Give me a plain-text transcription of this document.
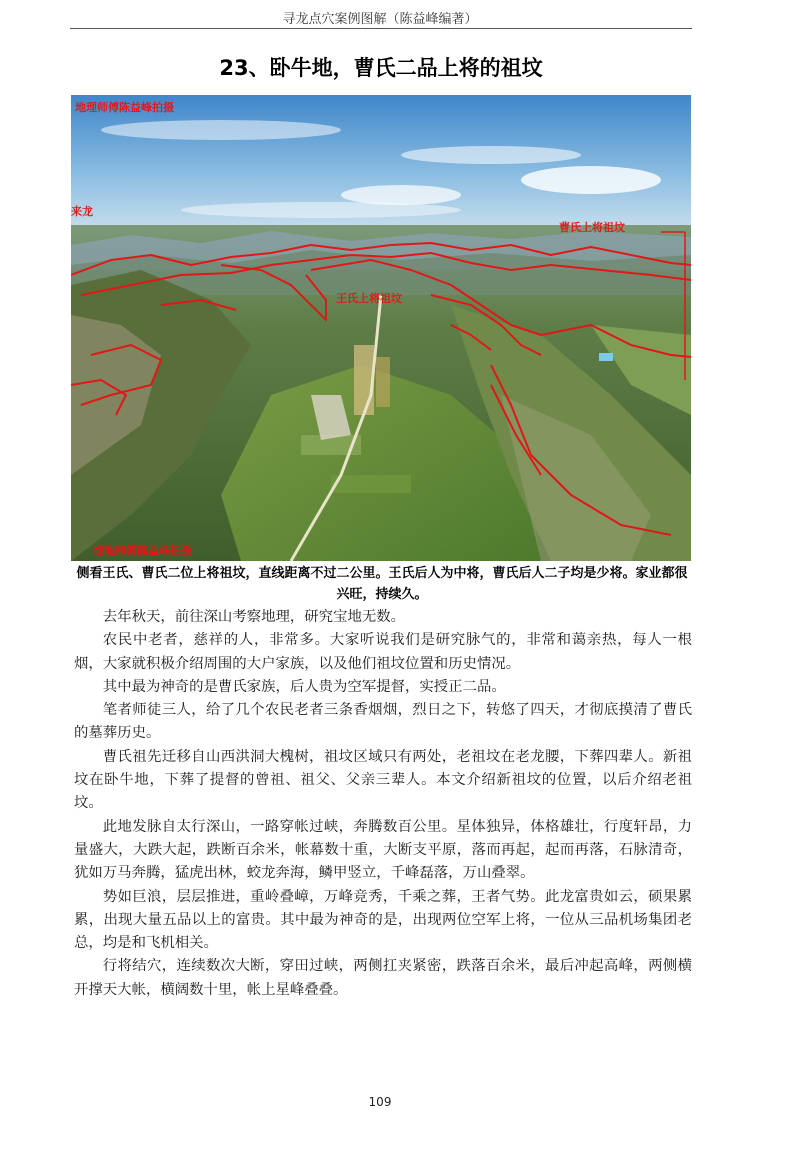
寻龙点穴案例图解（陈益峰编著）
23、卧牛地，曹氏二品上将的祖坟
地理师傅陈益峰拍摄
来龙
曹氏上将祖坟
王氏上将祖坟
地理师傅陈益峰拍摄
侧看王氏、曹氏二位上将祖坟，直线距离不过二公里。王氏后人为中将，曹氏后人二子均是少将。家业都很兴旺，持续久。

去年秋天，前往深山考察地理，研究宝地无数。

农民中老者，慈祥的人，非常多。大家听说我们是研究脉气的，非常和蔼亲热，每人一根烟，大家就积极介绍周围的大户家族，以及他们祖坟位置和历史情况。

其中最为神奇的是曹氏家族，后人贵为空军提督，实授正二品。

笔者师徒三人，给了几个农民老者三条香烟烟，烈日之下，转悠了四天，才彻底摸清了曹氏的墓葬历史。

曹氏祖先迁移自山西洪洞大槐树，祖坟区域只有两处，老祖坟在老龙腰，下葬四辈人。新祖坟在卧牛地，下葬了提督的曾祖、祖父、父亲三辈人。本文介绍新祖坟的位置，以后介绍老祖坟。

此地发脉自太行深山，一路穿帐过峡，奔腾数百公里。星体独异，体格雄壮，行度轩昂，力量盛大，大跌大起，跌断百余米，帐幕数十重，大断支平原，落而再起，起而再落，石脉清奇，犹如万马奔腾，猛虎出林，蛟龙奔海，鳞甲竖立，千峰磊落，万山叠翠。

势如巨浪，层层推进，重岭叠嶂，万峰竞秀，千乘之葬，王者气势。此龙富贵如云，硕果累累，出现大量五品以上的富贵。其中最为神奇的是，出现两位空军上将，一位从三品机场集团老总，均是和飞机相关。

行将结穴，连续数次大断，穿田过峡，两侧扛夹紧密，跌落百余米，最后冲起高峰，两侧横开撑天大帐，横阔数十里，帐上星峰叠叠。

109
